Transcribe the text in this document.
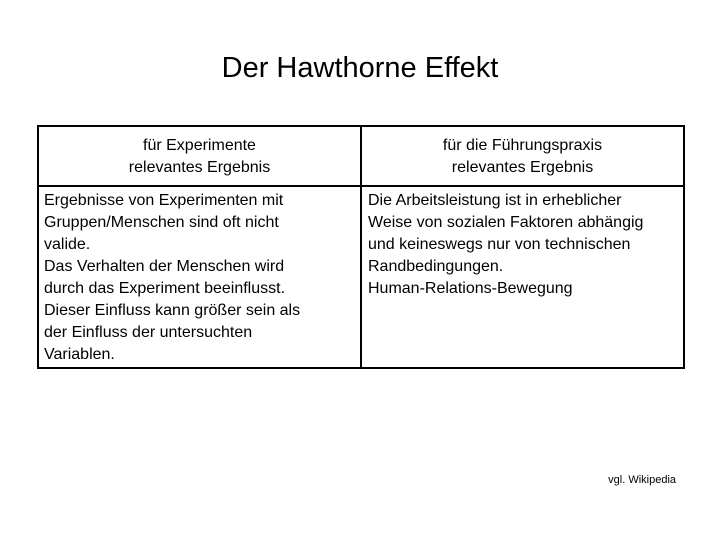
Der Hawthorne Effekt
für Experimente
relevantes Ergebnis
für die Führungspraxis
relevantes Ergebnis

Ergebnisse von Experimenten mit
Gruppen/Menschen sind oft nicht
valide.

Das Verhalten der Menschen wird
durch das Experiment beeinflusst.
Dieser Einfluss kann größer sein als
der Einfluss der untersuchten
Variablen.

Die Arbeitsleistung ist in erheblicher
Weise von sozialen Faktoren abhängig
und keineswegs nur von technischen
Randbedingungen.

Human-Relations-Bewegung

vgl. Wikipedia
